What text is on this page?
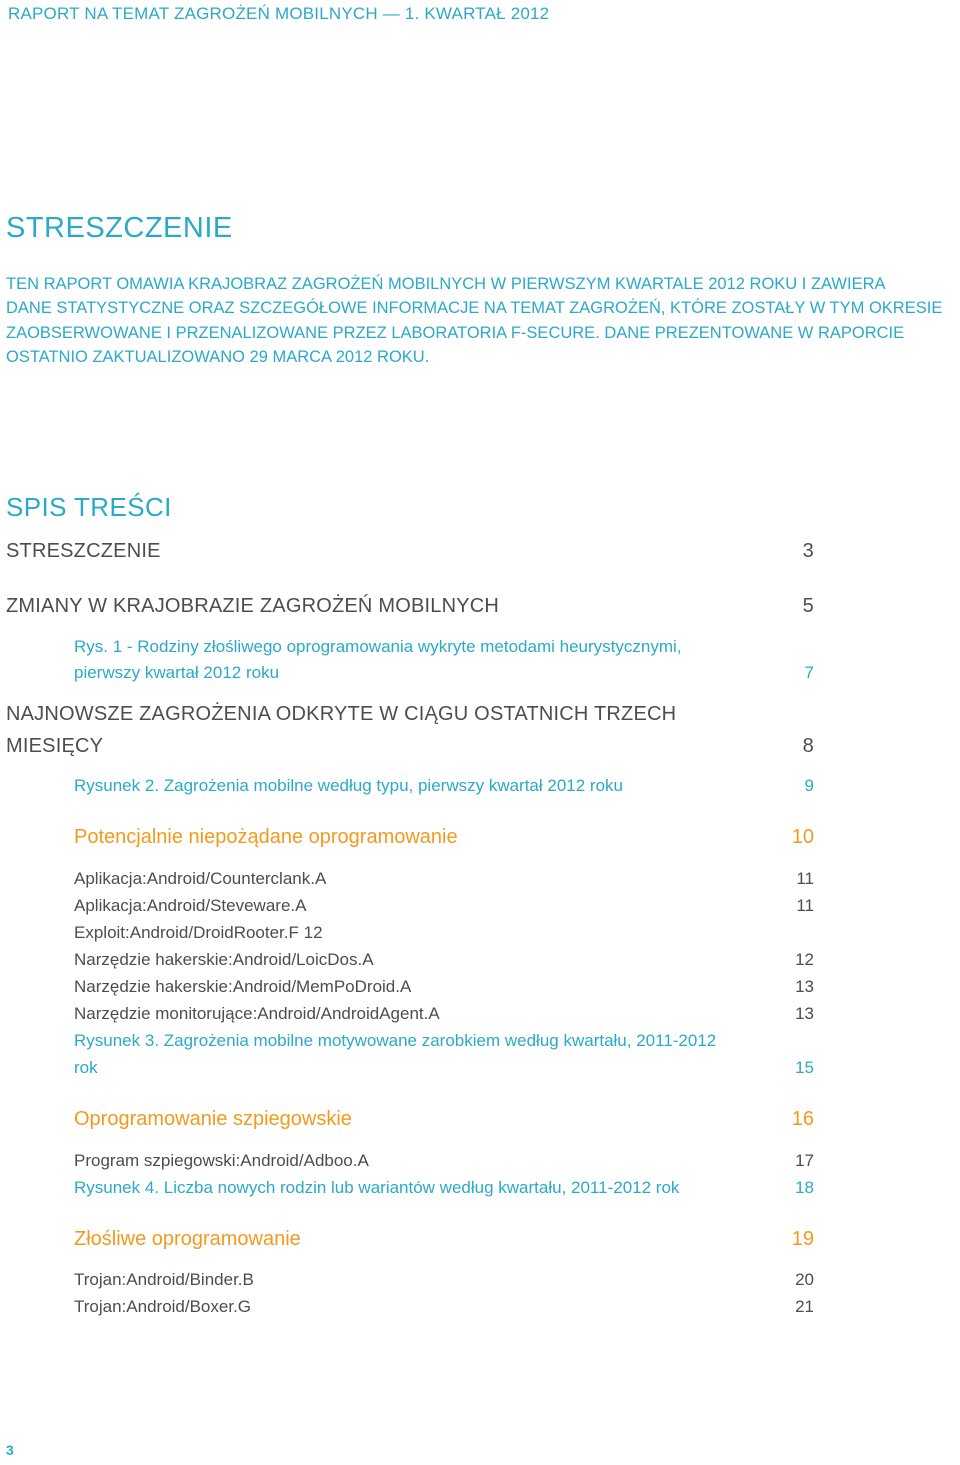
RAPORT NA TEMAT ZAGROŻEŃ MOBILNYCH — 1. KWARTAŁ 2012
STRESZCZENIE
TEN RAPORT OMAWIA KRAJOBRAZ ZAGROŻEŃ MOBILNYCH W PIERWSZYM KWARTALE 2012 ROKU I ZAWIERA
DANE STATYSTYCZNE ORAZ SZCZEGÓŁOWE INFORMACJE NA TEMAT ZAGROŻEŃ, KTÓRE ZOSTAŁY W TYM OKRESIE
ZAOBSERWOWANE I PRZENALIZOWANE PRZEZ LABORATORIA F-SECURE. DANE PREZENTOWANE W RAPORCIE
OSTATNIO ZAKTUALIZOWANO 29 MARCA 2012 ROKU.
SPIS TREŚCI
STRESZCZENIE	3
ZMIANY W KRAJOBRAZIE ZAGROŻEŃ MOBILNYCH	5
Rys. 1 - Rodziny złośliwego oprogramowania wykryte metodami heurystycznymi,
pierwszy kwartał 2012 roku	7
NAJNOWSZE ZAGROŻENIA ODKRYTE W CIĄGU OSTATNICH TRZECH
MIESIĘCY	8
Rysunek 2. Zagrożenia mobilne według typu, pierwszy kwartał 2012 roku	9
Potencjalnie niepożądane oprogramowanie	10
Aplikacja:Android/Counterclank.A	11
Aplikacja:Android/Steveware.A	11
Exploit:Android/DroidRooter.F 12
Narzędzie hakerskie:Android/LoicDos.A	12
Narzędzie hakerskie:Android/MemPoDroid.A	13
Narzędzie monitorujące:Android/AndroidAgent.A	13
Rysunek 3. Zagrożenia mobilne motywowane zarobkiem według kwartału, 2011-2012
rok	15
Oprogramowanie szpiegowskie	16
Program szpiegowski:Android/Adboo.A	17
Rysunek 4. Liczba nowych rodzin lub wariantów według kwartału, 2011-2012 rok	18
Złośliwe oprogramowanie	19
Trojan:Android/Binder.B	20
Trojan:Android/Boxer.G	21
3
